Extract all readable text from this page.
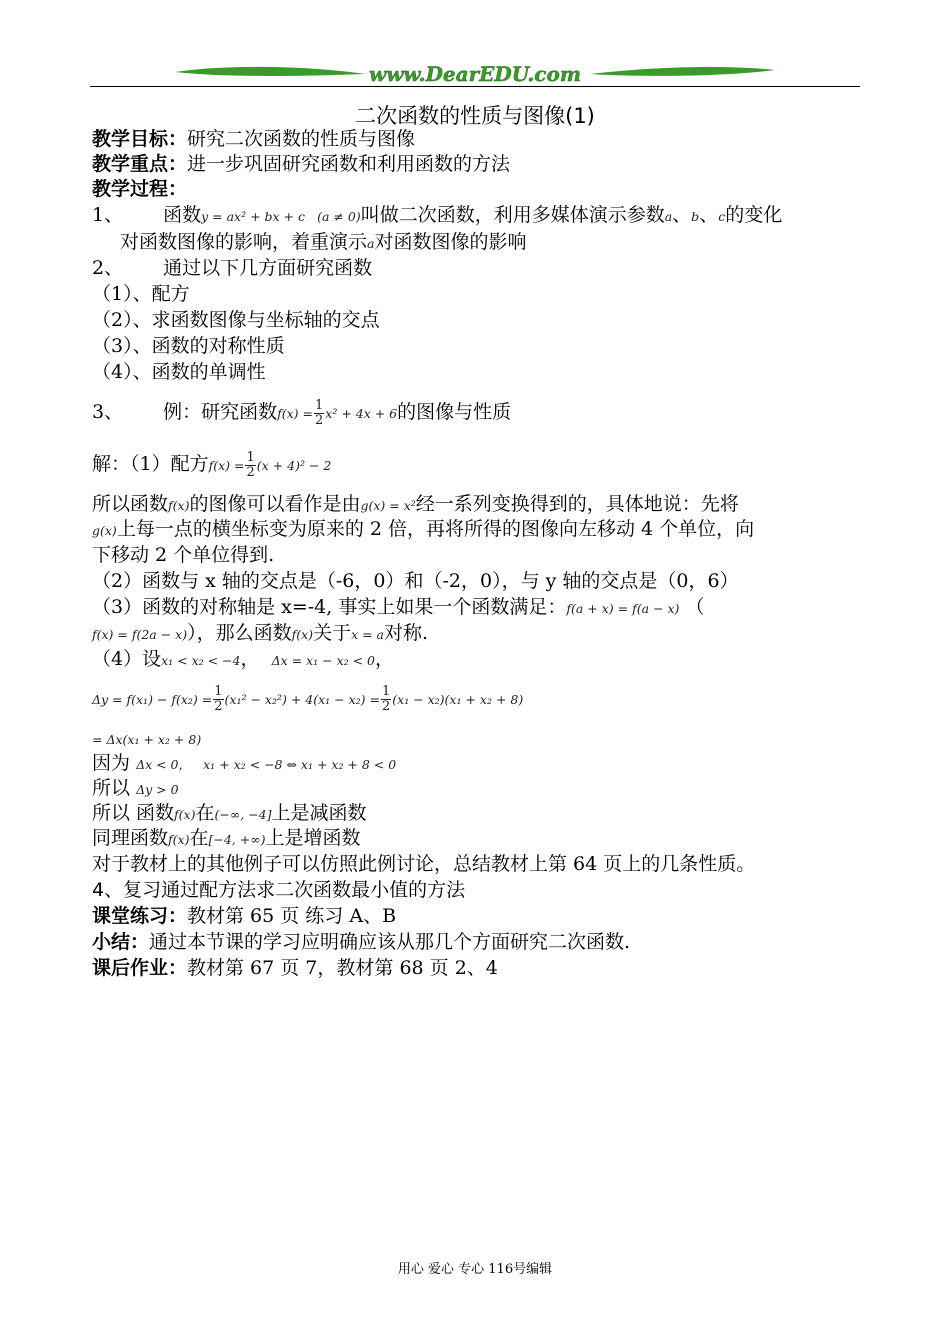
www.DearEDU.com
二次函数的性质与图像(1)
教学目标：研究二次函数的性质与图像
教学重点：进一步巩固研究函数和利用函数的方法
教学过程：
1、 函数y = ax² + bx + c (a ≠ 0)叫做二次函数，利用多媒体演示参数a、b、c的变化
对函数图像的影响，着重演示a对函数图像的影响
2、 通过以下几方面研究函数
（1）、配方
（2）、求函数图像与坐标轴的交点
（3）、函数的对称性质
（4）、函数的单调性
3、 例：研究函数$f(x) = \frac{1}{2} x^2 + 4x + 6$的图像与性质
解：（1）配方$f(x) = \frac{1}{2} (x + 4)^2 - 2$
所以函数f(x)的图像可以看作是由g(x) = x²经一系列变换得到的，具体地说：先将
g(x)上每一点的横坐标变为原来的 2 倍，再将所得的图像向左移动 4 个单位，向
下移动 2 个单位得到.
（2）函数与 x 轴的交点是（-6，0）和（-2，0），与 y 轴的交点是（0，6）
（3）函数的对称轴是 x=-4, 事实上如果一个函数满足：f(a + x) = f(a − x) （
f(x) = f(2a − x)），那么函数f(x)关于x = a对称.
（4）设x₁ < x₂ < −4， Δx = x₁ − x₂ < 0，
$\Delta y = f(x_1) - f(x_2) = \frac{1}{2} (x_1^2 - x_2^2) + 4(x_1 - x_2) = \frac{1}{2} (x_1 - x_2)(x_1 + x_2 + 8)$
= Δx(x₁ + x₂ + 8)
因为 Δx < 0， x₁ + x₂ < −8 ⇔ x₁ + x₂ + 8 < 0
所以 Δy > 0
所以 函数f(x)在(−∞, −4]上是减函数
同理函数f(x)在[−4, +∞)上是增函数
对于教材上的其他例子可以仿照此例讨论，总结教材上第 64 页上的几条性质。
4、复习通过配方法求二次函数最小值的方法
课堂练习：教材第 65 页 练习 A、B
小结：通过本节课的学习应明确应该从那几个方面研究二次函数.
课后作业：教材第 67 页 7，教材第 68 页 2、4
用心 爱心 专心 116号编辑
